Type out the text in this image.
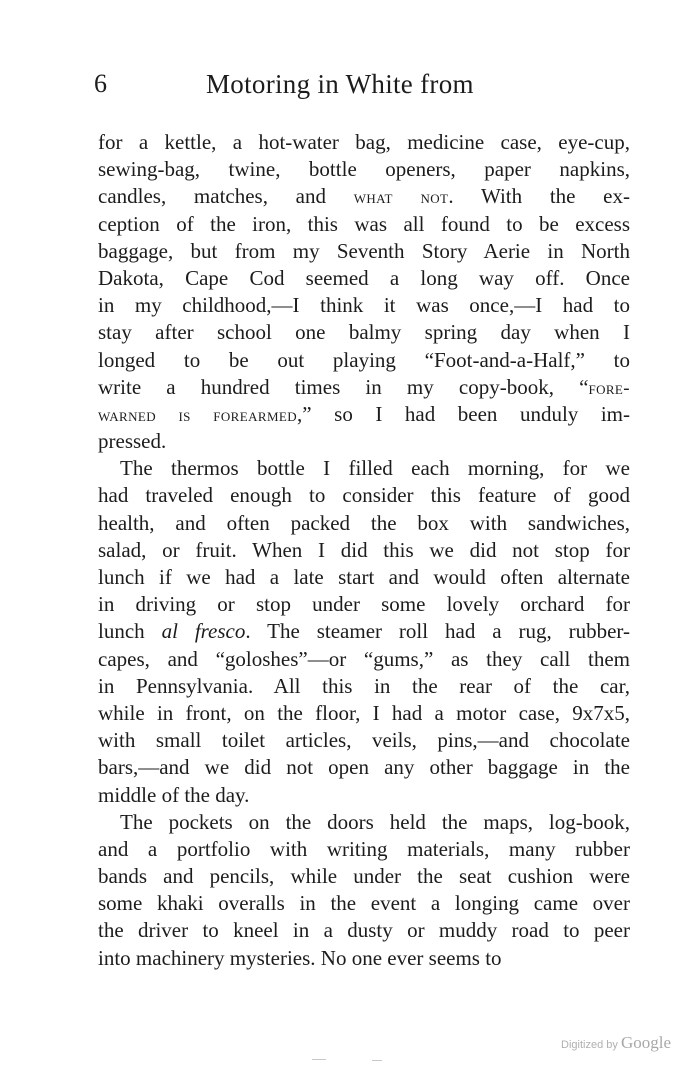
6	Motoring in White from
for a kettle, a hot-water bag, medicine case, eye-cup,
sewing-bag, twine, bottle openers, paper napkins,
candles, matches, and what not. With the ex-
ception of the iron, this was all found to be excess
baggage, but from my Seventh Story Aerie in North
Dakota, Cape Cod seemed a long way off. Once
in my childhood,—I think it was once,—I had to
stay after school one balmy spring day when I
longed to be out playing “Foot-and-a-Half,” to
write a hundred times in my copy-book, “fore-
warned is forearmed,” so I had been unduly im-
pressed.
The thermos bottle I filled each morning, for we
had traveled enough to consider this feature of good
health, and often packed the box with sandwiches,
salad, or fruit. When I did this we did not stop for
lunch if we had a late start and would often alternate
in driving or stop under some lovely orchard for
lunch al fresco. The steamer roll had a rug, rubber-
capes, and “goloshes”—or “gums,” as they call them
in Pennsylvania. All this in the rear of the car,
while in front, on the floor, I had a motor case, 9x7x5,
with small toilet articles, veils, pins,—and chocolate
bars,—and we did not open any other baggage in the
middle of the day.
The pockets on the doors held the maps, log-book,
and a portfolio with writing materials, many rubber
bands and pencils, while under the seat cushion were
some khaki overalls in the event a longing came over
the driver to kneel in a dusty or muddy road to peer
into machinery mysteries. No one ever seems to
Digitized by Google
